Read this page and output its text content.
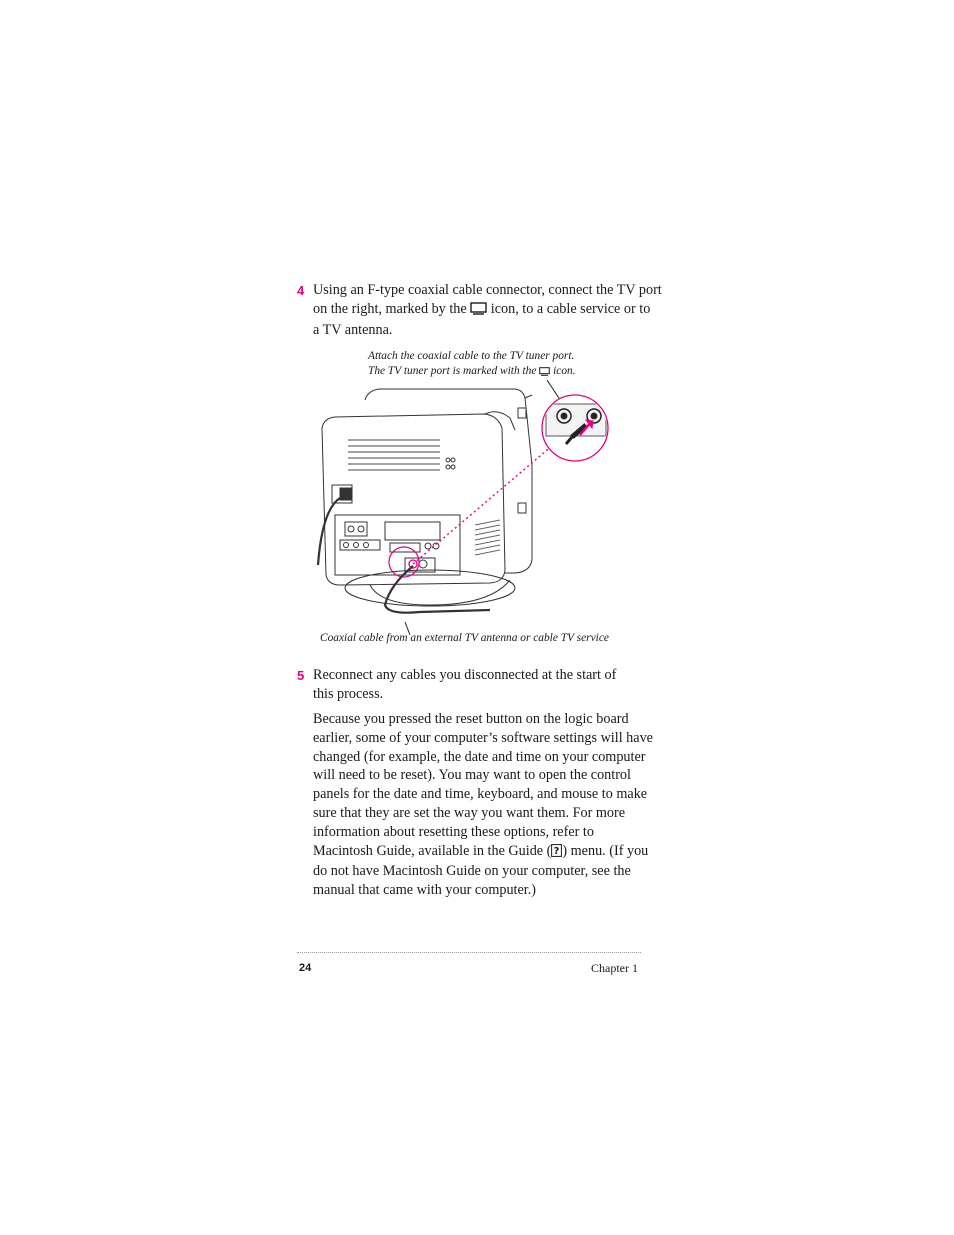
4 Using an F-type coaxial cable connector, connect the TV port
on the right, marked by the  icon, to a cable service or to
a TV antenna.

Attach the coaxial cable to the TV tuner port.
The TV tuner port is marked with the  icon.
Coaxial cable from an external TV antenna or cable TV service
5 Reconnect any cables you disconnected at the start of
this process.

Because you pressed the reset button on the logic board
earlier, some of your computer’s software settings will have
changed (for example, the date and time on your computer
will need to be reset). You may want to open the control
panels for the date and time, keyboard, and mouse to make
sure that they are set the way you want them. For more
information about resetting these options, refer to
Macintosh Guide, available in the Guide ( ? ) menu. (If you
do not have Macintosh Guide on your computer, see the
manual that came with your computer.)

24	Chapter 1
